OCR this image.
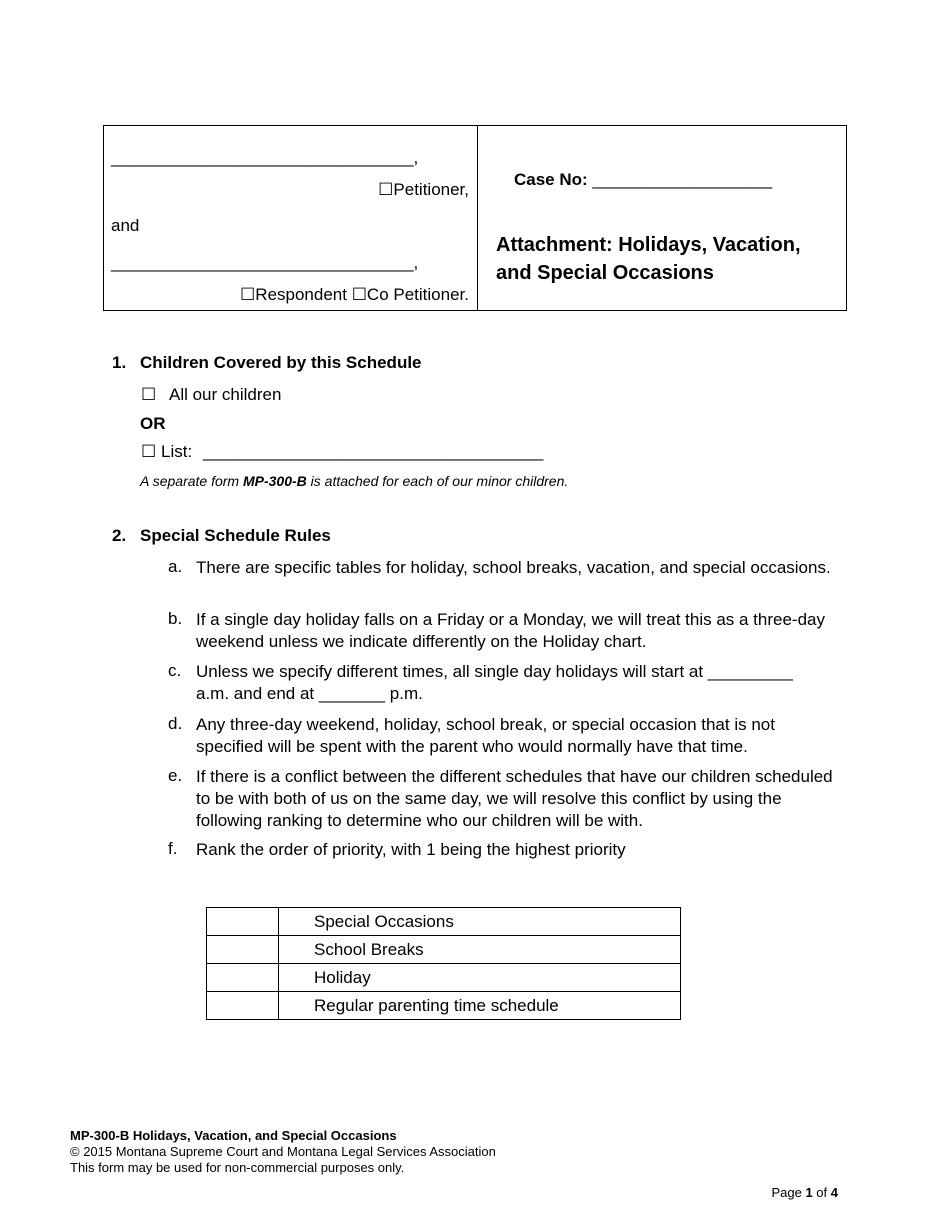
________________________________,
☐Petitioner,
and
________________________________,
☐Respondent ☐Co Petitioner.
Case No: ___________________
Attachment: Holidays, Vacation,
and Special Occasions
1. Children Covered by this Schedule
☐ All our children
OR
☐ List: ____________________________________
A separate form MP-300-B is attached for each of our minor children.
2. Special Schedule Rules
a. There are specific tables for holiday, school breaks, vacation, and special occasions.
b. If a single day holiday falls on a Friday or a Monday, we will treat this as a three-day weekend unless we indicate differently on the Holiday chart.
c. Unless we specify different times, all single day holidays will start at _________ a.m. and end at _______ p.m.
d. Any three-day weekend, holiday, school break, or special occasion that is not specified will be spent with the parent who would normally have that time.
e. If there is a conflict between the different schedules that have our children scheduled to be with both of us on the same day, we will resolve this conflict by using the following ranking to determine who our children will be with.
f. Rank the order of priority, with 1 being the highest priority
	Special Occasions
	School Breaks
	Holiday
	Regular parenting time schedule
MP-300-B Holidays, Vacation, and Special Occasions
© 2015 Montana Supreme Court and Montana Legal Services Association
This form may be used for non-commercial purposes only.
Page 1 of 4
